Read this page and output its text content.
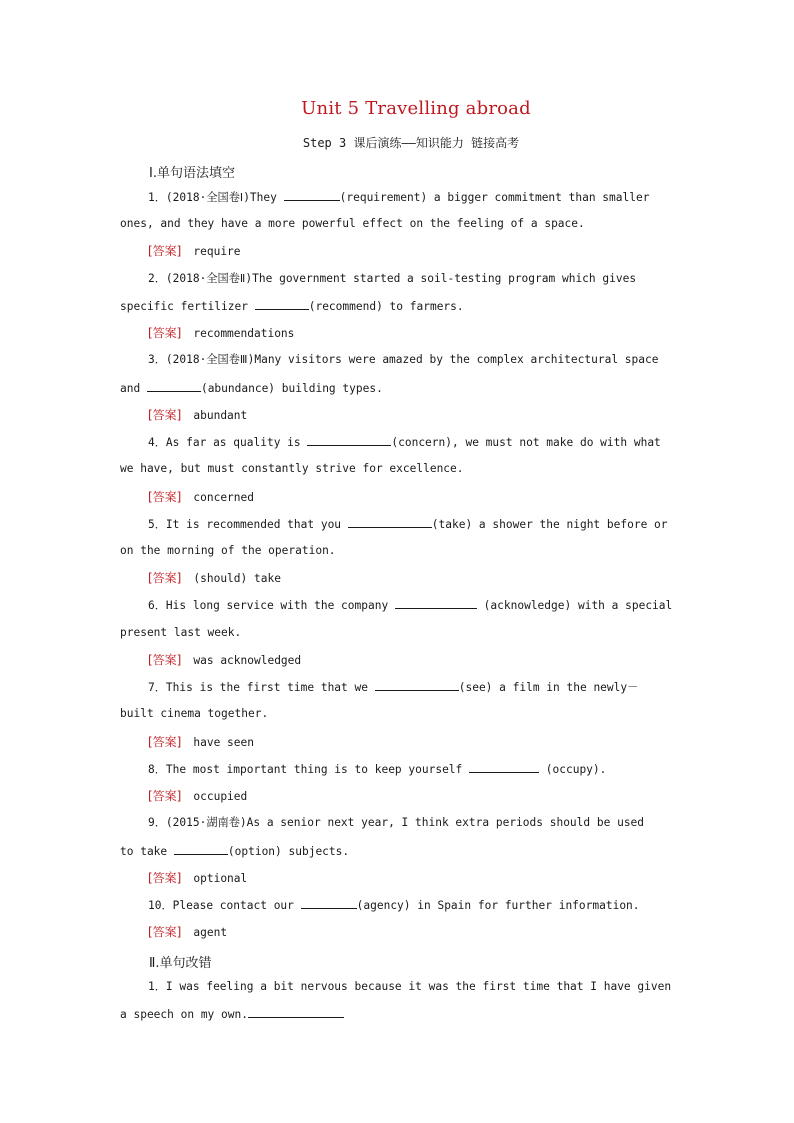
Unit 5 Travelling abroad
Step 3 课后演练——知识能力 链接高考
Ⅰ.单句语法填空
1．(2018·全国卷Ⅰ)They	(requirement) a bigger commitment than smaller
ones, and they have a more powerful effect on the feeling of a space.
[答案] require
2．(2018·全国卷Ⅱ)The government started a soil-testing program which gives
specific fertilizer	(recommend) to farmers.
[答案] recommendations
3．(2018·全国卷Ⅲ)Many visitors were amazed by the complex architectural space
and	(abundance) building types.
[答案] abundant
4．As far as quality is	(concern), we must not make do with what
we have, but must constantly strive for excellence.
[答案] concerned
5．It is recommended that you	(take) a shower the night before or
on the morning of the operation.
[答案] (should) take
6．His long service with the company	(acknowledge) with a special
present last week.
[答案] was acknowledged
7．This is the first time that we	(see) a film in the newly－
built cinema together.
[答案] have seen
8．The most important thing is to keep yourself	(occupy).
[答案] occupied
9．(2015·湖南卷)As a senior next year, I think extra periods should be used
to take	(option) subjects.
[答案] optional
10．Please contact our	(agency) in Spain for further information.
[答案] agent
Ⅱ.单句改错
1．I was feeling a bit nervous because it was the first time that I have given
a speech on my own.
